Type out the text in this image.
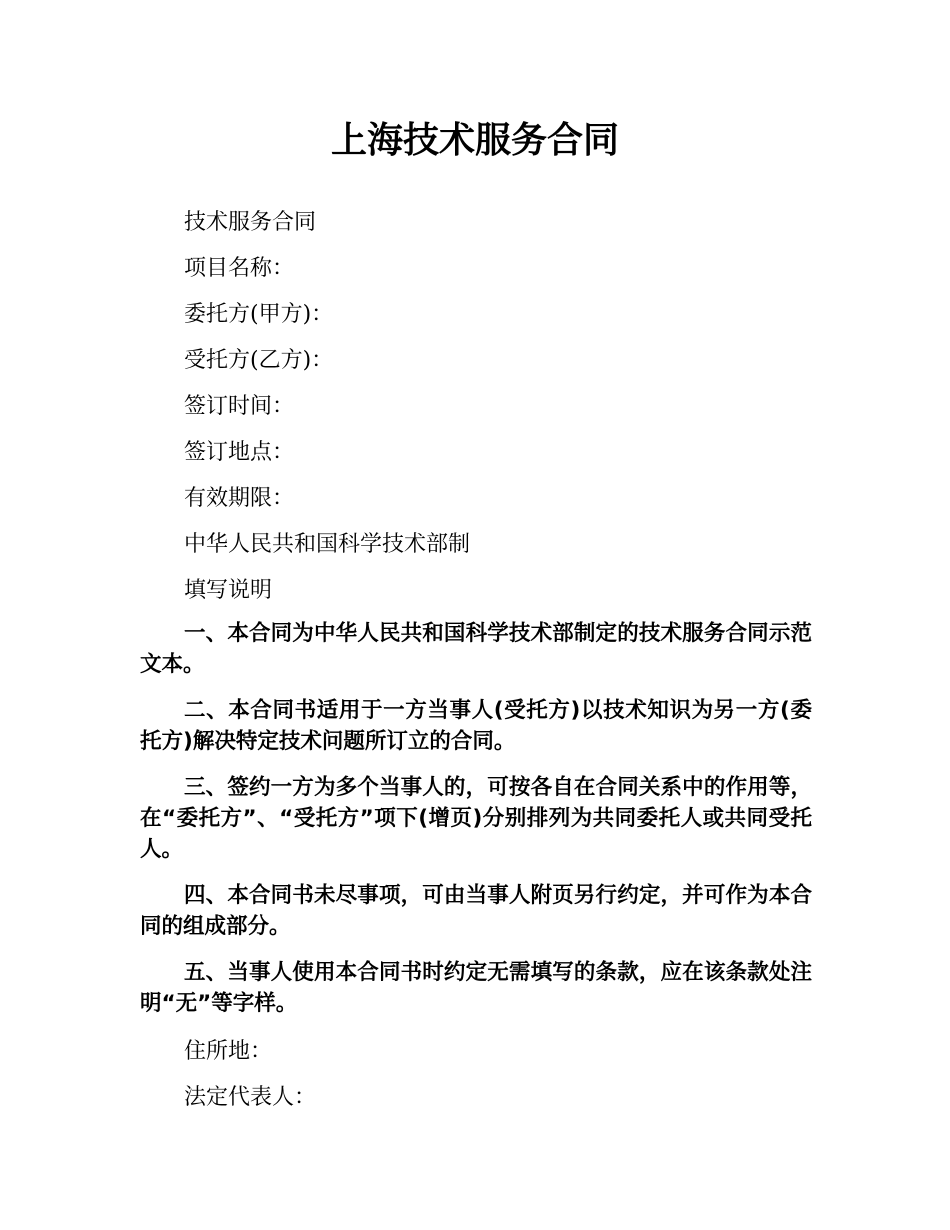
上海技术服务合同

技术服务合同

项目名称：

委托方(甲方)：

受托方(乙方)：

签订时间：

签订地点：

有效期限：

中华人民共和国科学技术部制

填写说明

一、本合同为中华人民共和国科学技术部制定的技术服务合同示范文本。

二、本合同书适用于一方当事人(受托方)以技术知识为另一方(委托方)解决特定技术问题所订立的合同。

三、签约一方为多个当事人的，可按各自在合同关系中的作用等，在“委托方”、“受托方”项下(增页)分别排列为共同委托人或共同受托人。

四、本合同书未尽事项，可由当事人附页另行约定，并可作为本合同的组成部分。

五、当事人使用本合同书时约定无需填写的条款，应在该条款处注明“无”等字样。

住所地：

法定代表人：
